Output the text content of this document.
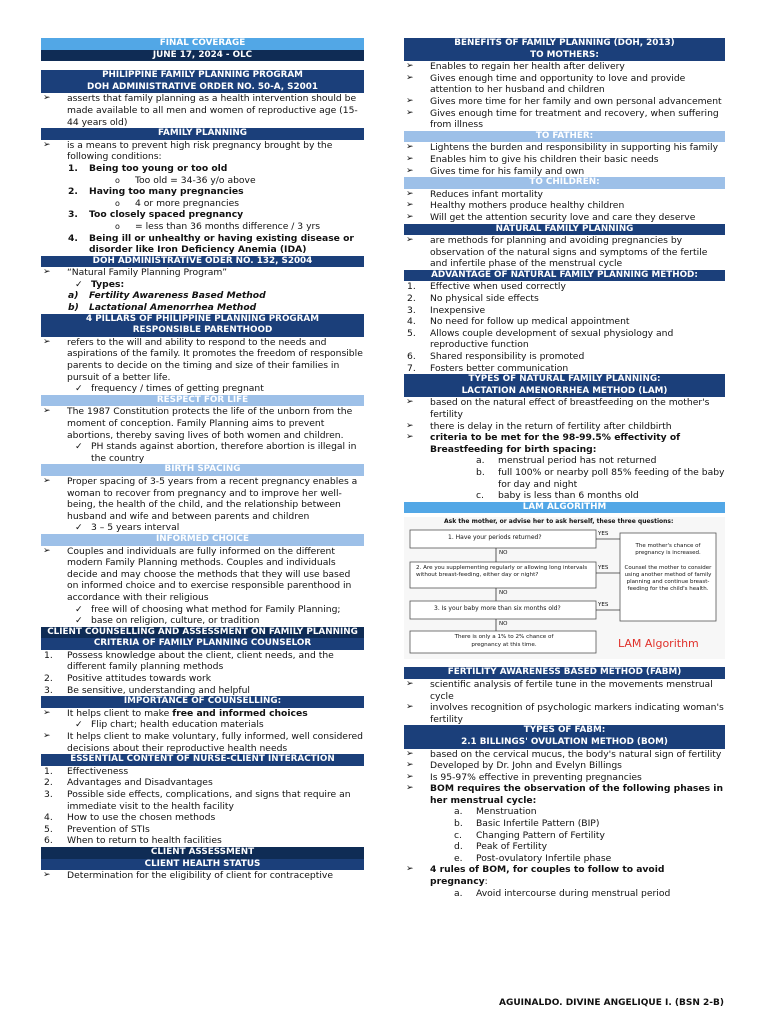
FINAL COVERAGE
JUNE 17, 2024 - OLC
PHILIPPINE FAMILY PLANNING PROGRAM
DOH ADMINISTRATIVE ORDER NO. 50-A, S2001
➢ asserts that family planning as a health intervention should be made available to all men and women of reproductive age (15-44 years old)
FAMILY PLANNING
➢ is a means to prevent high risk pregnancy brought by the following conditions:
1. Being too young or too old
o Too old = 34-36 y/o above
2. Having too many pregnancies
o 4 or more pregnancies
3. Too closely spaced pregnancy
o = less than 36 months difference / 3 yrs
4. Being ill or unhealthy or having existing disease or disorder like Iron Deficiency Anemia (IDA)
DOH ADMINISTRATIVE ODER NO. 132, S2004
➢ “Natural Family Planning Program”
✓ Types:
a) Fertility Awareness Based Method
b) Lactational Amenorrhea Method
4 PILLARS OF PHILIPPINE PLANNING PROGRAM
RESPONSIBLE PARENTHOOD
➢ refers to the will and ability to respond to the needs and aspirations of the family. It promotes the freedom of responsible parents to decide on the timing and size of their families in pursuit of a better life.
✓ frequency / times of getting pregnant
RESPECT FOR LIFE
➢ The 1987 Constitution protects the life of the unborn from the moment of conception. Family Planning aims to prevent abortions, thereby saving lives of both women and children.
✓ PH stands against abortion, therefore abortion is illegal in the country
BIRTH SPACING
➢ Proper spacing of 3-5 years from a recent pregnancy enables a woman to recover from pregnancy and to improve her well-being, the health of the child, and the relationship between husband and wife and between parents and children
✓ 3 – 5 years interval
INFORMED CHOICE
➢ Couples and individuals are fully informed on the different modern Family Planning methods. Couples and individuals decide and may choose the methods that they will use based on informed choice and to exercise responsible parenthood in accordance with their religious
✓ free will of choosing what method for Family Planning;
✓ base on religion, culture, or tradition
CLIENT COUNSELLING AND ASSESSMENT ON FAMILY PLANNING
CRITERIA OF FAMILY PLANNING COUNSELOR
1. Possess knowledge about the client, client needs, and the different family planning methods
2. Positive attitudes towards work
3. Be sensitive, understanding and helpful
IMPORTANCE OF COUNSELLING:
➢ It helps client to make free and informed choices
✓ Flip chart; health education materials
➢ It helps client to make voluntary, fully informed, well considered decisions about their reproductive health needs
ESSENTIAL CONTENT OF NURSE-CLIENT INTERACTION
1. Effectiveness
2. Advantages and Disadvantages
3. Possible side effects, complications, and signs that require an immediate visit to the health facility
4. How to use the chosen methods
5. Prevention of STIs
6. When to return to health facilities
CLIENT ASSESSMENT
CLIENT HEALTH STATUS
➢ Determination for the eligibility of client for contraceptive
BENEFITS OF FAMILY PLANNING (DOH, 2013)
TO MOTHERS:
➢ Enables to regain her health after delivery
➢ Gives enough time and opportunity to love and provide attention to her husband and children
➢ Gives more time for her family and own personal advancement
➢ Gives enough time for treatment and recovery, when suffering from illness
TO FATHER:
➢ Lightens the burden and responsibility in supporting his family
➢ Enables him to give his children their basic needs
➢ Gives time for his family and own
TO CHILDREN:
➢ Reduces infant mortality
➢ Healthy mothers produce healthy children
➢ Will get the attention security love and care they deserve
NATURAL FAMILY PLANNING
➢ are methods for planning and avoiding pregnancies by observation of the natural signs and symptoms of the fertile and infertile phase of the menstrual cycle
ADVANTAGE OF NATURAL FAMILY PLANNING METHOD:
1. Effective when used correctly
2. No physical side effects
3. Inexpensive
4. No need for follow up medical appointment
5. Allows couple development of sexual physiology and reproductive function
6. Shared responsibility is promoted
7. Fosters better communication
TYPES OF NATURAL FAMILY PLANNING:
LACTATION AMENORRHEA METHOD (LAM)
➢ based on the natural effect of breastfeeding on the mother's fertility
➢ there is delay in the return of fertility after childbirth
➢ criteria to be met for the 98-99.5% effectivity of Breastfeeding for birth spacing:
a. menstrual period has not returned
b. full 100% or nearby poll 85% feeding of the baby for day and night
c. baby is less than 6 months old
LAM ALGORITHM
Ask the mother, or advise her to ask herself, these three questions:
1. Have your periods returned?
2. Are you supplementing regularly or allowing long intervals without breast-feeding, either day or night?
3. Is your baby more than six months old?
YES
YES
YES
NO
NO
NO
The mother's chance of pregnancy is increased.
Counsel the mother to consider using another method of family planning and continue breast-feeding for the child's health.
There is only a 1% to 2% chance of pregnancy at this time.	LAM Algorithm
FERTILITY AWARENESS BASED METHOD (FABM)
➢ scientific analysis of fertile tune in the movements menstrual cycle
➢ involves recognition of psychologic markers indicating woman's fertility
TYPES OF FABM:
2.1 BILLINGS' OVULATION METHOD (BOM)
➢ based on the cervical mucus, the body's natural sign of fertility
➢ Developed by Dr. John and Evelyn Billings
➢ Is 95-97% effective in preventing pregnancies
➢ BOM requires the observation of the following phases in her menstrual cycle:
a. Menstruation
b. Basic Infertile Pattern (BIP)
c. Changing Pattern of Fertility
d. Peak of Fertility
e. Post-ovulatory Infertile phase
➢ 4 rules of BOM, for couples to follow to avoid pregnancy:
a. Avoid intercourse during menstrual period
AGUINALDO. DIVINE ANGELIQUE I. (BSN 2-B)
